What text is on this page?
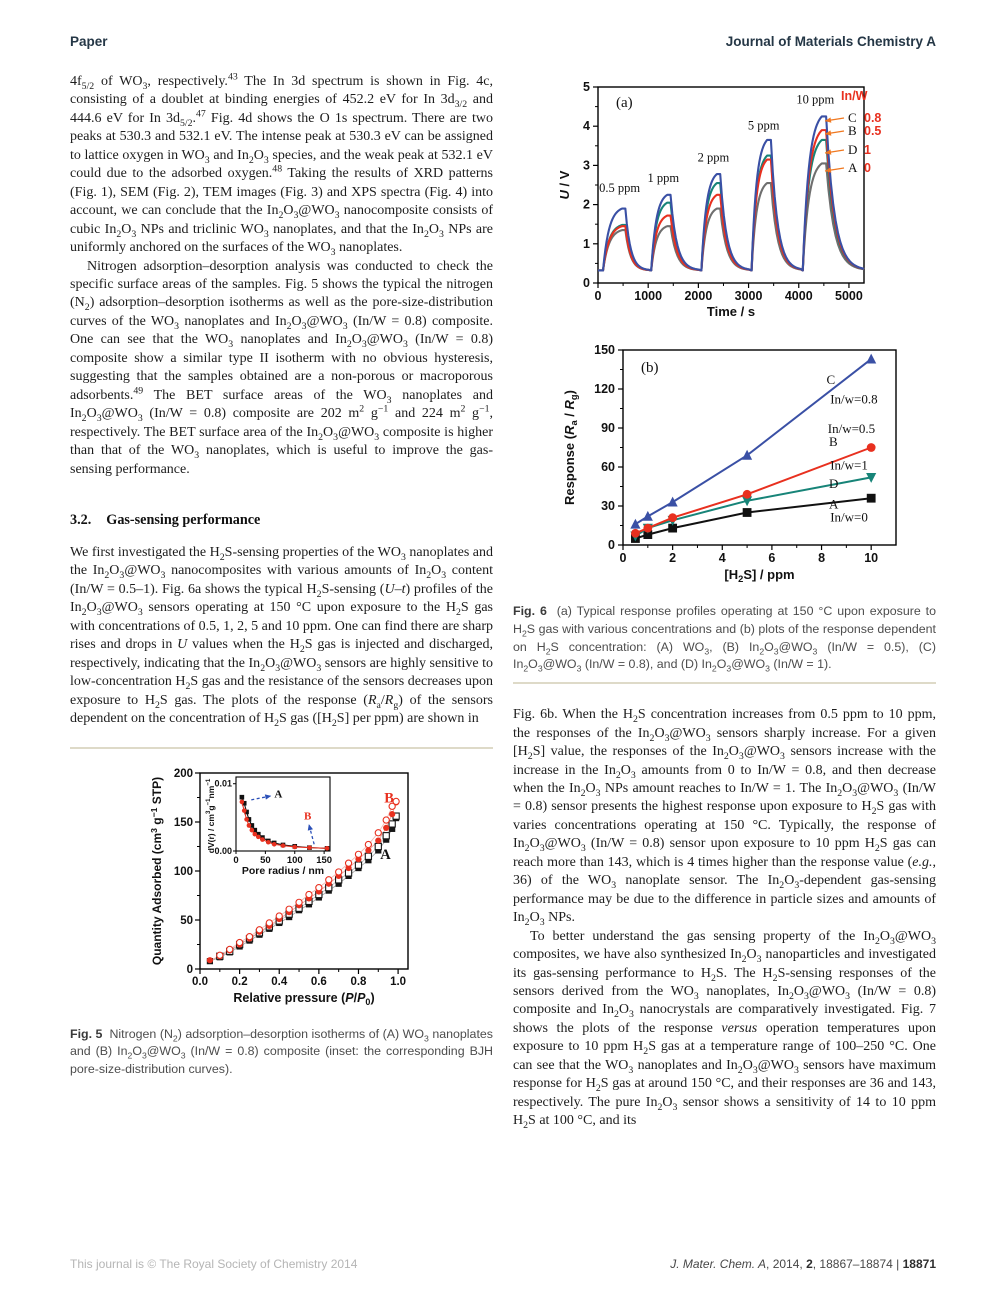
Paper	Journal of Materials Chemistry A

$4f_{5/2}$ of $WO_3$, respectively.$^{43}$ The In 3d spectrum is shown in Fig. 4c, consisting of a doublet at binding energies of 452.2 eV for In $3d_{3/2}$ and 444.6 eV for In $3d_{5/2}.^{47}$ Fig. 4d shows the O 1s spectrum. There are two peaks at 530.3 and 532.1 eV. The intense peak at 530.3 eV can be assigned to lattice oxygen in $WO_3$ and $In_2O_3$ species, and the weak peak at 532.1 eV could due to the adsorbed oxygen.$^{48}$ Taking the results of XRD patterns (Fig. 1), SEM (Fig. 2), TEM images (Fig. 3) and XPS spectra (Fig. 4) into account, we can conclude that the $In_2O_3@WO_3$ nanocomposite consists of cubic $In_2O_3$ NPs and triclinic $WO_3$ nanoplates, and that the $In_2O_3$ NPs are uniformly anchored on the surfaces of the $WO_3$ nanoplates.

Nitrogen adsorption–desorption analysis was conducted to check the specific surface areas of the samples. Fig. 5 shows the typical the nitrogen $(N_2)$ adsorption–desorption isotherms as well as the pore-size-distribution curves of the $WO_3$ nanoplates and $In_2O_3@WO_3$ (In/W = 0.8) composite. One can see that the $WO_3$ nanoplates and $In_2O_3@WO_3$ (In/W = 0.8) composite show a similar type II isotherm with no obvious hysteresis, suggesting that the samples obtained are a non-porous or macroporous adsorbents.$^{49}$ The BET surface areas of the $WO_3$ nanoplates and $In_2O_3@WO_3$ (In/W = 0.8) composite are 202 $m^2$ $g^{-1}$ and 224 $m^2$ $g^{-1}$, respectively. The BET surface area of the $In_2O_3@WO_3$ composite is higher than that of the $WO_3$ nanoplates, which is useful to improve the gas-sensing performance.

3.2. Gas-sensing performance

We first investigated the $H_2S$-sensing properties of the $WO_3$ nanoplates and the $In_2O_3@WO_3$ nanocomposites with various amounts of $In_2O_3$ content (In/W = 0.5–1). Fig. 6a shows the typical $H_2S$-sensing (U–t) profiles of the $In_2O_3@WO_3$ sensors operating at 150 °C upon exposure to the $H_2S$ gas with concentrations of 0.5, 1, 2, 5 and 10 ppm. One can find there are sharp rises and drops in U values when the $H_2S$ gas is injected and discharged, respectively, indicating that the $In_2O_3@WO_3$ sensors are highly sensitive to low-concentration $H_2S$ gas and the resistance of the sensors decreases upon exposure to $H_2S$ gas. The plots of the response $(R_a/R_g)$ of the sensors dependent on the concentration of $H_2S$ gas ($[H_2S]$ per ppm) are shown in

0.0 0.2 0.4 0.6 0.8 1.0
0
50
100
150
200
Relative pressure $(P/P_0)$
Quantity Adsorbed ($cm^3$ $g^{-1}$ STP)	B
A
0 50 100 150
0.00
0.01
Pore radius / nm
$dV(r) / cm^3g^{-1}nm^{-1}$
A
B

Fig. 5 Nitrogen $(N_2)$ adsorption–desorption isotherms of (A) $WO_3$ nanoplates and (B) $In_2O_3@WO_3$ (In/W = 0.8) composite (inset: the corresponding BJH pore-size-distribution curves).

0	1000 2000 3000 4000 5000
0
1
2
3
4
5
Time / s
U / V
(a)
0.5 ppm
1 ppm
2 ppm
5 ppm
10 ppm In/W
C 0.8
B 0.5
D 1
A 0
0	2	4	6	8	10
0
30
60
90
120
150
$[H_2S]$ / ppm
Response $(R_a / R_g)$
(b)
C
In/w=0.8
In/w=0.5
B
In/w=1
D
A
In/w=0

Fig. 6 (a) Typical response profiles operating at 150 °C upon exposure to $H_2S$ gas with various concentrations and (b) plots of the response dependent on $H_2S$ concentration: (A) $WO_3$, (B) $In_2O_3@WO_3$ (In/W = 0.5), (C) $In_2O_3@WO_3$ (In/W = 0.8), and (D) $In_2O_3@WO_3$ (In/W = 1).

Fig. 6b. When the $H_2S$ concentration increases from 0.5 ppm to 10 ppm, the responses of the $In_2O_3@WO_3$ sensors sharply increase. For a given $[H_2S]$ value, the responses of the $In_2O_3@WO_3$ sensors increase with the increase in the $In_2O_3$ amounts from 0 to In/W = 0.8, and then decrease when the $In_2O_3$ NPs amount reaches to In/W = 1. The $In_2O_3@WO_3$ (In/W = 0.8) sensor presents the highest response upon exposure to $H_2S$ gas with varies concentrations operating at 150 °C. Typically, the response of $In_2O_3@WO_3$ (In/W = 0.8) sensor upon exposure to 10 ppm $H_2S$ gas can reach more than 143, which is 4 times higher than the response value (e.g., 36) of the $WO_3$ nanoplate sensor. The $In_2O_3$-dependent gas-sensing performance may be due to the difference in particle sizes and amounts of $In_2O_3$ NPs.

To better understand the gas sensing property of the $In_2O_3@WO_3$ composites, we have also synthesized $In_2O_3$ nanoparticles and investigated its gas-sensing performance to $H_2S$. The $H_2S$-sensing responses of the sensors derived from the $WO_3$ nanoplates, $In_2O_3@WO_3$ (In/W = 0.8) composite and $In_2O_3$ nanocrystals are comparatively investigated. Fig. 7 shows the plots of the response versus operation temperatures upon exposure to 10 ppm $H_2S$ gas at a temperature range of 100–250 °C. One can see that the $WO_3$ nanoplates and $In_2O_3@WO_3$ sensors have maximum response for $H_2S$ gas at around 150 °C, and their responses are 36 and 143, respectively. The pure $In_2O_3$ sensor shows a sensitivity of 14 to 10 ppm $H_2S$ at 100 °C, and its

This journal is © The Royal Society of Chemistry 2014	J. Mater. Chem. A, 2014, 2, 18867–18874 | 18871
